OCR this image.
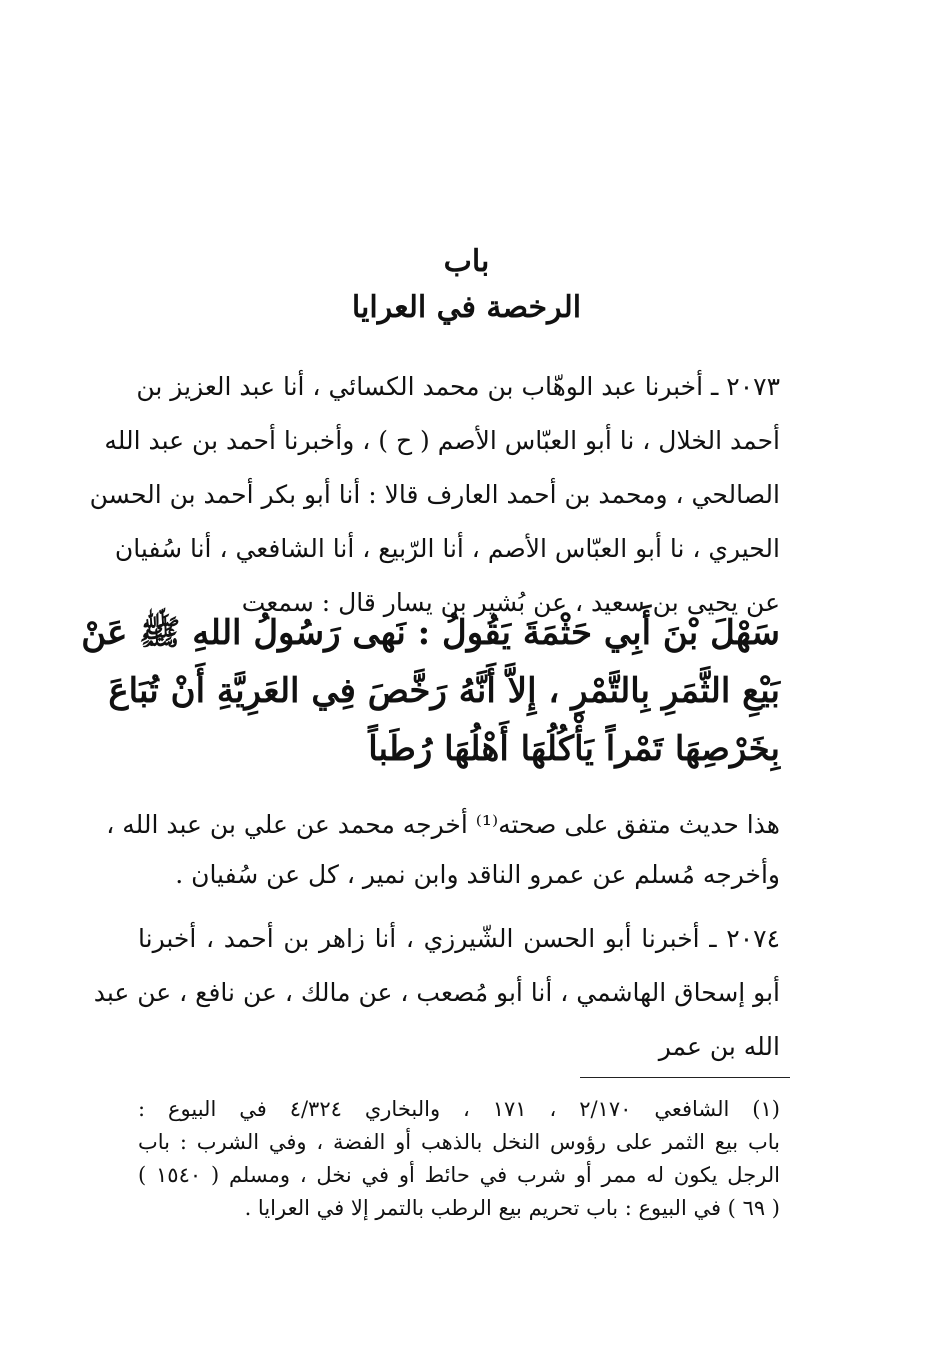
باب
الرخصة في العرايا
٢٠٧٣ ـ أخبرنا عبد الوهّاب بن محمد الكسائي ، أنا عبد العزيز بن
أحمد الخلال ، نا أبو العبّاس الأصم ( ح ) ، وأخبرنا أحمد بن عبد الله
الصالحي ، ومحمد بن أحمد العارف قالا : أنا أبو بكر أحمد بن الحسن
الحيري ، نا أبو العبّاس الأصم ، أنا الرّبيع ، أنا الشافعي ، أنا سُفيان
عن يحيى بن سعيد ، عن بُشير بن يسار قال : سمعت
سَهْلَ بْنَ أَبِي حَثْمَةَ يَقُولُ : نَهى رَسُولُ اللهِ ﷺ عَنْ
بَيْعِ الثَّمَرِ بِالتَّمْرِ ، إِلاَّ أَنَّهُ رَخَّصَ فِي العَرِيَّةِ أَنْ تُبَاعَ
بِخَرْصِهَا تَمْراً يَأْكُلُهَا أَهْلُهَا رُطَباً
هذا حديث متفق على صحته⁽¹⁾ أخرجه محمد عن علي بن عبد الله ،
وأخرجه مُسلم عن عمرو الناقد وابن نمير ، كل عن سُفيان .
٢٠٧٤ ـ أخبرنا أبو الحسن الشّيرزي ، أنا زاهر بن أحمد ، أخبرنا
أبو إسحاق الهاشمي ، أنا أبو مُصعب ، عن مالك ، عن نافع ، عن عبد
الله بن عمر
(١) الشافعي ٢/١٧٠ ، ١٧١ ، والبخاري ٤/٣٢٤ في البيوع :
باب بيع الثمر على رؤوس النخل بالذهب أو الفضة ، وفي الشرب : باب
الرجل يكون له ممر أو شرب في حائط أو في نخل ، ومسلم ( ١٥٤٠ )
( ٦٩ ) في البيوع : باب تحريم بيع الرطب بالتمر إلا في العرايا .
